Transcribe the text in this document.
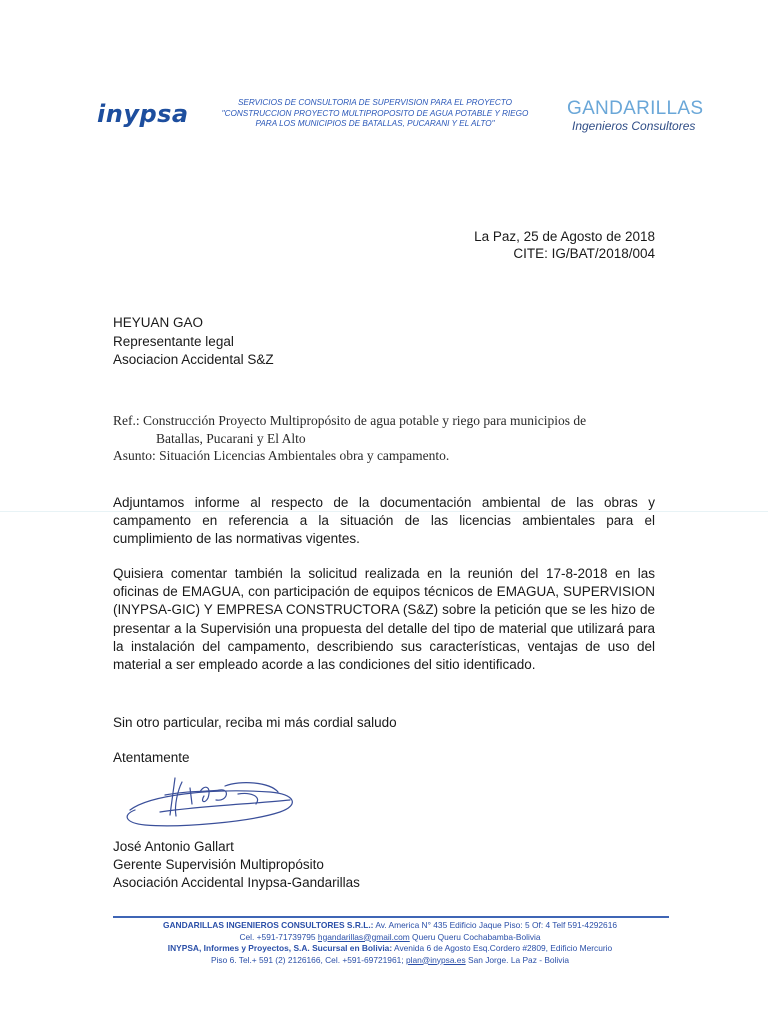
inypsa	SERVICIOS DE CONSULTORIA DE SUPERVISION PARA EL PROYECTO
"CONSTRUCCION PROYECTO MULTIPROPOSITO DE AGUA POTABLE Y RIEGO
PARA LOS MUNICIPIOS DE BATALLAS, PUCARANI Y EL ALTO"
GANDARILLAS
Ingenieros Consultores
La Paz, 25 de Agosto de 2018
CITE: IG/BAT/2018/004
HEYUAN GAO
Representante legal
Asociacion Accidental S&Z
Ref.: Construcción Proyecto Multipropósito de agua potable y riego para municipios de
Batallas, Pucarani y El Alto
Asunto: Situación Licencias Ambientales obra y campamento.
Adjuntamos informe al respecto de la documentación ambiental de las obras y campamento en referencia a la situación de las licencias ambientales para el cumplimiento de las normativas vigentes.
Quisiera comentar también la solicitud realizada en la reunión del 17-8-2018 en las oficinas de EMAGUA, con participación de equipos técnicos de EMAGUA, SUPERVISION (INYPSA-GIC) Y EMPRESA CONSTRUCTORA (S&Z) sobre la petición que se les hizo de presentar a la Supervisión una propuesta del detalle del tipo de material que utilizará para la instalación del campamento, describiendo sus características, ventajas de uso del material a ser empleado acorde a las condiciones del sitio identificado.
Sin otro particular, reciba mi más cordial saludo
Atentamente
José Antonio Gallart
Gerente Supervisión Multipropósito
Asociación Accidental Inypsa-Gandarillas
GANDARILLAS INGENIEROS CONSULTORES S.R.L.: Av. America N° 435 Edificio Jaque Piso: 5 Of: 4 Telf 591-4292616
Cel. +591-71739795 hgandarillas@gmail.com Queru Queru Cochabamba-Bolivia
INYPSA, Informes y Proyectos, S.A. Sucursal en Bolivia: Avenida 6 de Agosto Esq.Cordero #2809, Edificio Mercurio
Piso 6. Tel.+ 591 (2) 2126166, Cel. +591-69721961; plan@inypsa.es San Jorge. La Paz - Bolivia
